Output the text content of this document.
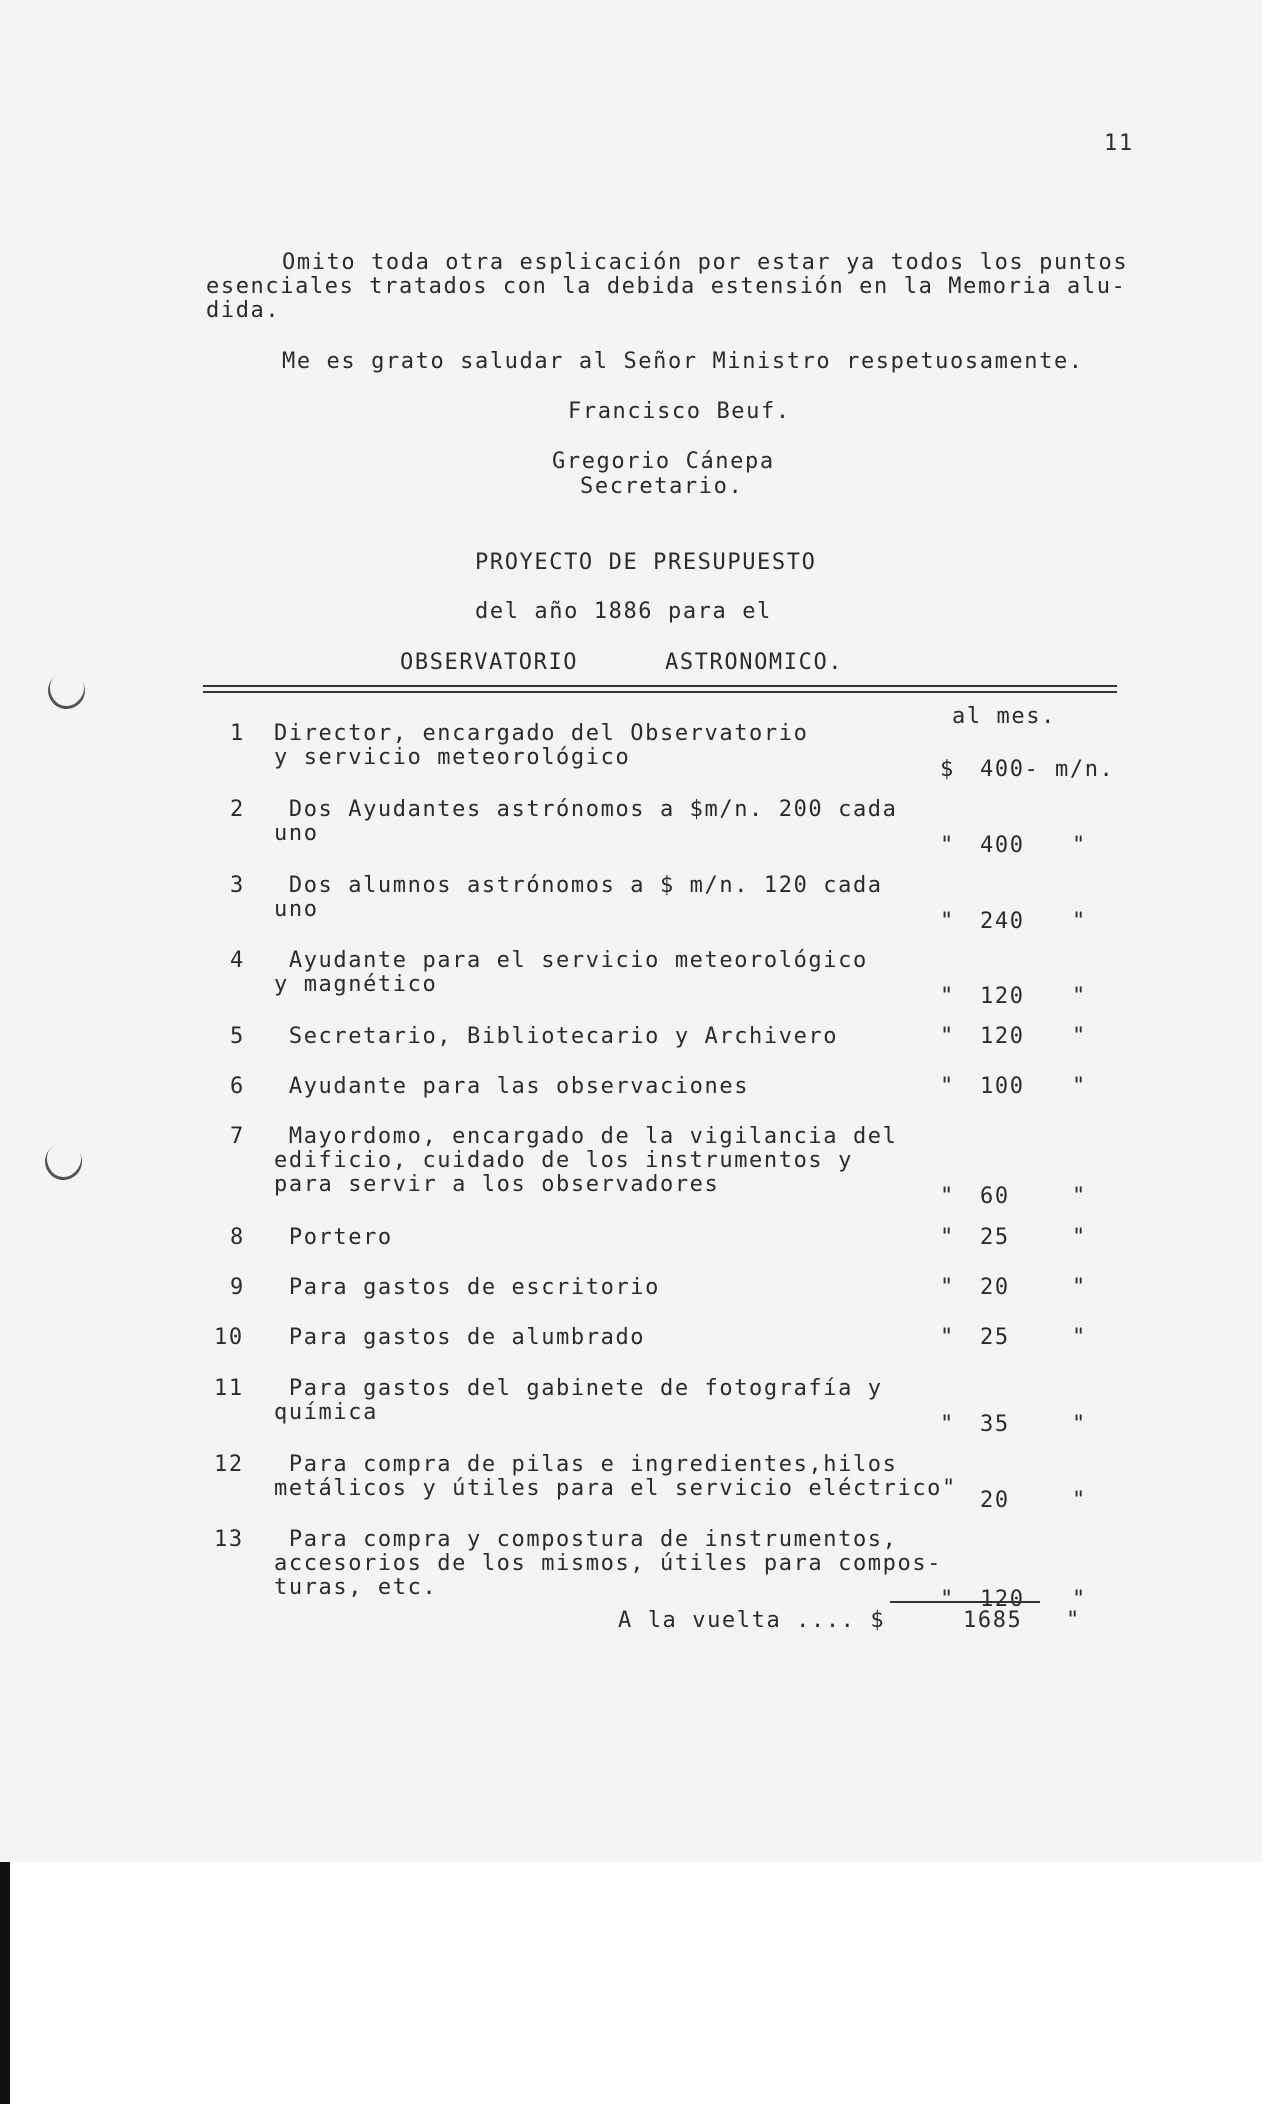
11
Omito toda otra esplicación por estar ya todos los puntos
esenciales tratados con la debida estensión en la Memoria alu-
dida.
Me es grato saludar al Señor Ministro respetuosamente.
Francisco Beuf.
Gregorio Cánepa
Secretario.
PROYECTO DE PRESUPUESTO
del año 1886 para el
OBSERVATORIO	ASTRONOMICO.
al mes.
1 Director, encargado del Observatorio
y servicio meteorológico	$ 400- m/n.
2 Dos Ayudantes astrónomos a $m/n. 200 cada
uno	" 400 "
3 Dos alumnos astrónomos a $ m/n. 120 cada
uno	" 240 "
4 Ayudante para el servicio meteorológico
y magnético	" 120 "
5 Secretario, Bibliotecario y Archivero	" 120 "
6 Ayudante para las observaciones	" 100 "
7 Mayordomo, encargado de la vigilancia del
edificio, cuidado de los instrumentos y
para servir a los observadores	" 60	"
8 Portero	" 25	"
9 Para gastos de escritorio	" 20	"
10 Para gastos de alumbrado	" 25	"
11 Para gastos del gabinete de fotografía y
química	" 35	"
12 Para compra de pilas e ingredientes,hilos
metálicos y útiles para el servicio eléctrico" 20	"
13 Para compra y compostura de instrumentos,
accesorios de los mismos, útiles para compos-
turas, etc.	" 120 "
A la vuelta .... $	1685 "
